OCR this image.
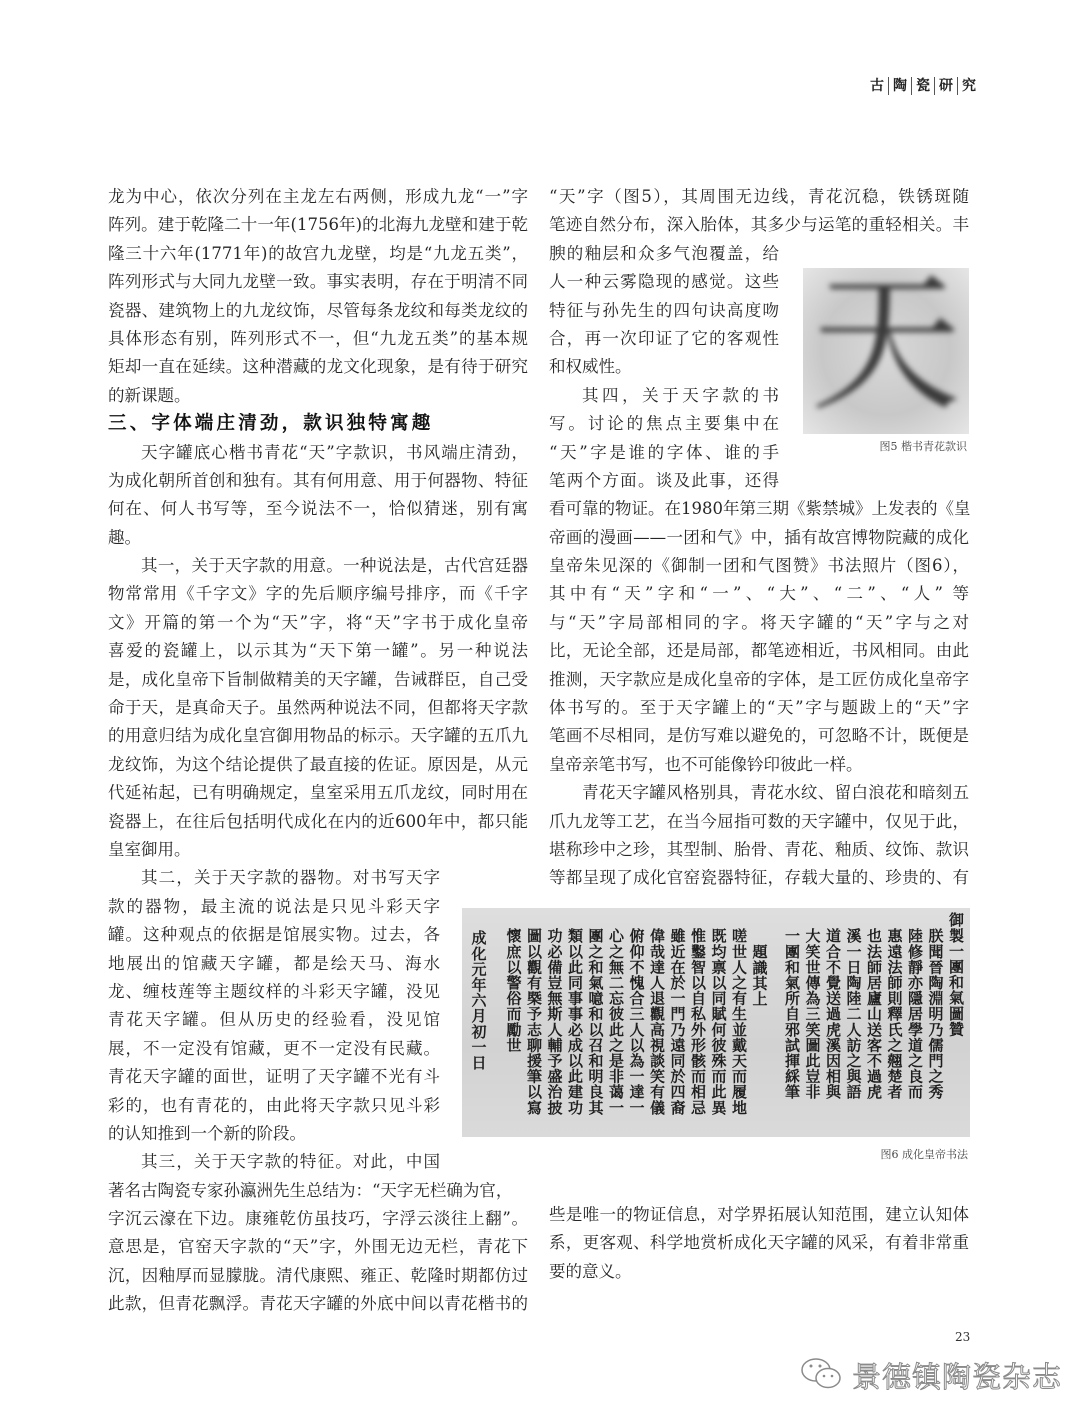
古 陶 瓷 研 究
龙为中心，依次分列在主龙左右两侧，形成九龙“一”字
阵列。建于乾隆二十一年(1756年)的北海九龙壁和建于乾
隆三十六年(1771年)的故宫九龙壁，均是“九龙五类”，
阵列形式与大同九龙壁一致。事实表明，存在于明清不同
瓷器、建筑物上的九龙纹饰，尽管每条龙纹和每类龙纹的
具体形态有别，阵列形式不一，但“九龙五类”的基本规
矩却一直在延续。这种潜藏的龙文化现象，是有待于研究
的新课题。
三、字体端庄清劲，款识独特寓趣
天字罐底心楷书青花“天”字款识，书风端庄清劲，
为成化朝所首创和独有。其有何用意、用于何器物、特征
何在、何人书写等，至今说法不一，恰似猜迷，别有寓
趣。
其一，关于天字款的用意。一种说法是，古代宫廷器
物常常用《千字文》字的先后顺序编号排序，而《千字
文》开篇的第一个为“天”字，将“天”字书于成化皇帝
喜爱的瓷罐上，以示其为“天下第一罐”。另一种说法
是，成化皇帝下旨制做精美的天字罐，告诫群臣，自己受
命于天，是真命天子。虽然两种说法不同，但都将天字款
的用意归结为成化皇宫御用物品的标示。天字罐的五爪九
龙纹饰，为这个结论提供了最直接的佐证。原因是，从元
代延祐起，已有明确规定，皇室采用五爪龙纹，同时用在
瓷器上，在往后包括明代成化在内的近600年中，都只能
皇室御用。
其二，关于天字款的器物。对书写天字
款的器物，最主流的说法是只见斗彩天字
罐。这种观点的依据是馆展实物。过去，各
地展出的馆藏天字罐，都是绘天马、海水
龙、缠枝莲等主题纹样的斗彩天字罐，没见
青花天字罐。但从历史的经验看，没见馆
展，不一定没有馆藏，更不一定没有民藏。
青花天字罐的面世，证明了天字罐不光有斗
彩的，也有青花的，由此将天字款只见斗彩
的认知推到一个新的阶段。
其三，关于天字款的特征。对此，中国
著名古陶瓷专家孙瀛洲先生总结为：“天字无栏确为官，
字沉云濠在下边。康雍乾仿虽技巧，字浮云淡往上翻”。
意思是，官窑天字款的“天”字，外围无边无栏，青花下
沉，因釉厚而显朦胧。清代康熙、雍正、乾隆时期都仿过
此款，但青花飘浮。青花天字罐的外底中间以青花楷书的
天
图5 楷书青花款识
“天”字（图5），其周围无边线，青花沉稳，铁锈斑随
笔迹自然分布，深入胎体，其多少与运笔的重轻相关。丰
腴的釉层和众多气泡覆盖，给
人一种云雾隐现的感觉。这些
特征与孙先生的四句诀高度吻
合，再一次印证了它的客观性
和权威性。
其四，关于天字款的书
写。讨论的焦点主要集中在
“天”字是谁的字体、谁的手
笔两个方面。谈及此事，还得
看可靠的物证。在1980年第三期《紫禁城》上发表的《皇
帝画的漫画——一团和气》中，插有故宫博物院藏的成化
皇帝朱见深的《御制一团和气图赞》书法照片（图6），
其中有“天”字和“一”、“大”、“二”、“人” 等
与“天”字局部相同的字。将天字罐的“天”字与之对
比，无论全部，还是局部，都笔迹相近，书风相同。由此
推测，天字款应是成化皇帝的字体，是工匠仿成化皇帝字
体书写的。至于天字罐上的“天”字与题跋上的“天”字
笔画不尽相同，是仿写难以避免的，可忽略不计，既便是
皇帝亲笔书写，也不可能像钤印彼此一样。
青花天字罐风格别具，青花水纹、留白浪花和暗刻五
爪九龙等工艺，在当今屈指可数的天字罐中，仅见于此，
堪称珍中之珍，其型制、胎骨、青花、釉质、纹饰、款识
等都呈现了成化官窑瓷器特征，存载大量的、珍贵的、有
御製一團和氣圖贊
朕聞晉陶淵明乃儒門之秀
陸修靜亦隱居學道之良而
惠遠法師則釋氏之翹楚者
也法師居廬山送客不過虎
溪一日陶陸二人訪之與語
道合不覺送過虎溪因相與
大笑世傳為三笑圖此豈非
一團和氣所自邪試揮綵筆
題識其上
嗟世人之有生並戴天而履地
既均禀以同賦何彼殊而此異
惟鑿智以自私外形骸而相忌
雖近在於一門乃遠同於四裔
偉哉達人退觀高視談笑有儀
俯仰不愧合三人以為一達一
心之無二忘彼此之是非蔼一
團之和氣噫和以召和明良其
類以此同事事必成以此建功
功必備豈無斯人輔予盛治披
圖以觀有槩予志聊援筆以寫
懷庶以警俗而勵世
成化元年六月初一日
图6 成化皇帝书法
些是唯一的物证信息，对学界拓展认知范围，建立认知体
系，更客观、科学地赏析成化天字罐的风采，有着非常重
要的意义。
23
景德镇陶瓷杂志
